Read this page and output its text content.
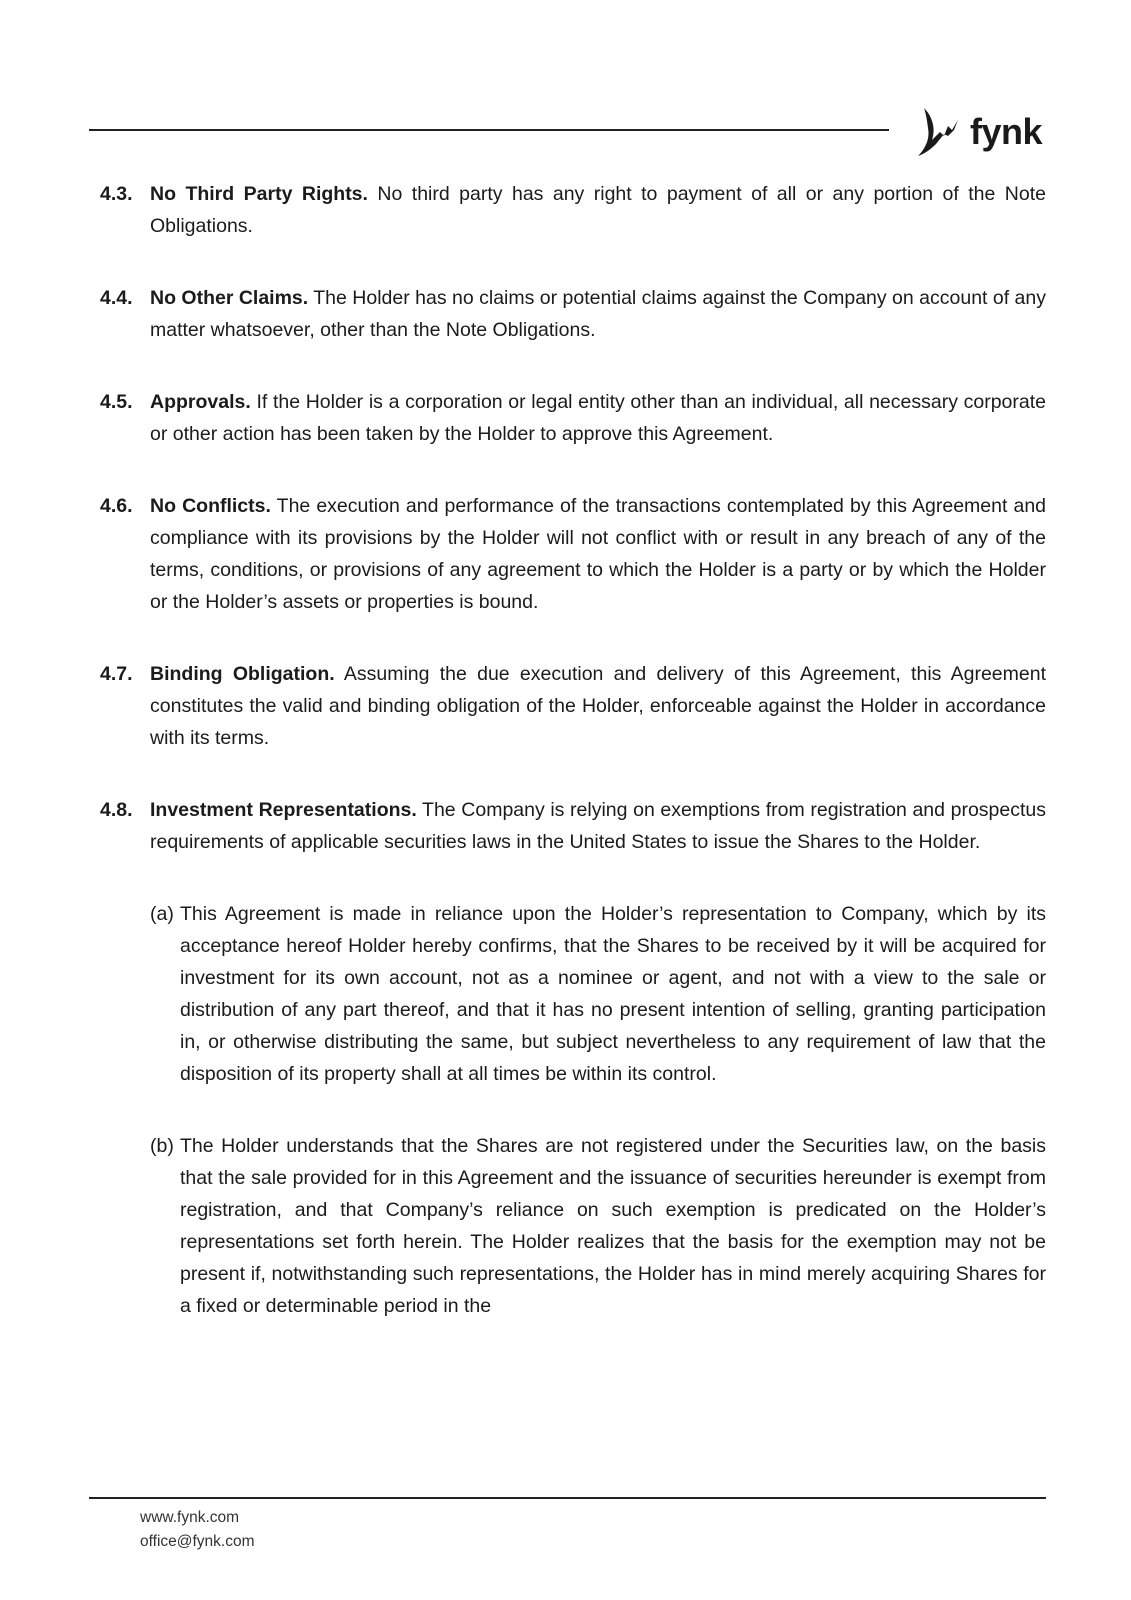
fynk
4.3. No Third Party Rights. No third party has any right to payment of all or any portion of the Note Obligations.
4.4. No Other Claims. The Holder has no claims or potential claims against the Company on account of any matter whatsoever, other than the Note Obligations.
4.5. Approvals. If the Holder is a corporation or legal entity other than an individual, all necessary corporate or other action has been taken by the Holder to approve this Agreement.
4.6. No Conflicts. The execution and performance of the transactions contemplated by this Agreement and compliance with its provisions by the Holder will not conflict with or result in any breach of any of the terms, conditions, or provisions of any agreement to which the Holder is a party or by which the Holder or the Holder’s assets or properties is bound.
4.7. Binding Obligation. Assuming the due execution and delivery of this Agreement, this Agreement constitutes the valid and binding obligation of the Holder, enforceable against the Holder in accordance with its terms.
4.8. Investment Representations. The Company is relying on exemptions from registration and prospectus requirements of applicable securities laws in the United States to issue the Shares to the Holder.
(a) This Agreement is made in reliance upon the Holder’s representation to Company, which by its acceptance hereof Holder hereby confirms, that the Shares to be received by it will be acquired for investment for its own account, not as a nominee or agent, and not with a view to the sale or distribution of any part thereof, and that it has no present intention of selling, granting participation in, or otherwise distributing the same, but subject nevertheless to any requirement of law that the disposition of its property shall at all times be within its control.
(b) The Holder understands that the Shares are not registered under the Securities law, on the basis that the sale provided for in this Agreement and the issuance of securities hereunder is exempt from registration, and that Company’s reliance on such exemption is predicated on the Holder’s representations set forth herein. The Holder realizes that the basis for the exemption may not be present if, notwithstanding such representations, the Holder has in mind merely acquiring Shares for a fixed or determinable period in the
www.fynk.com
office@fynk.com
